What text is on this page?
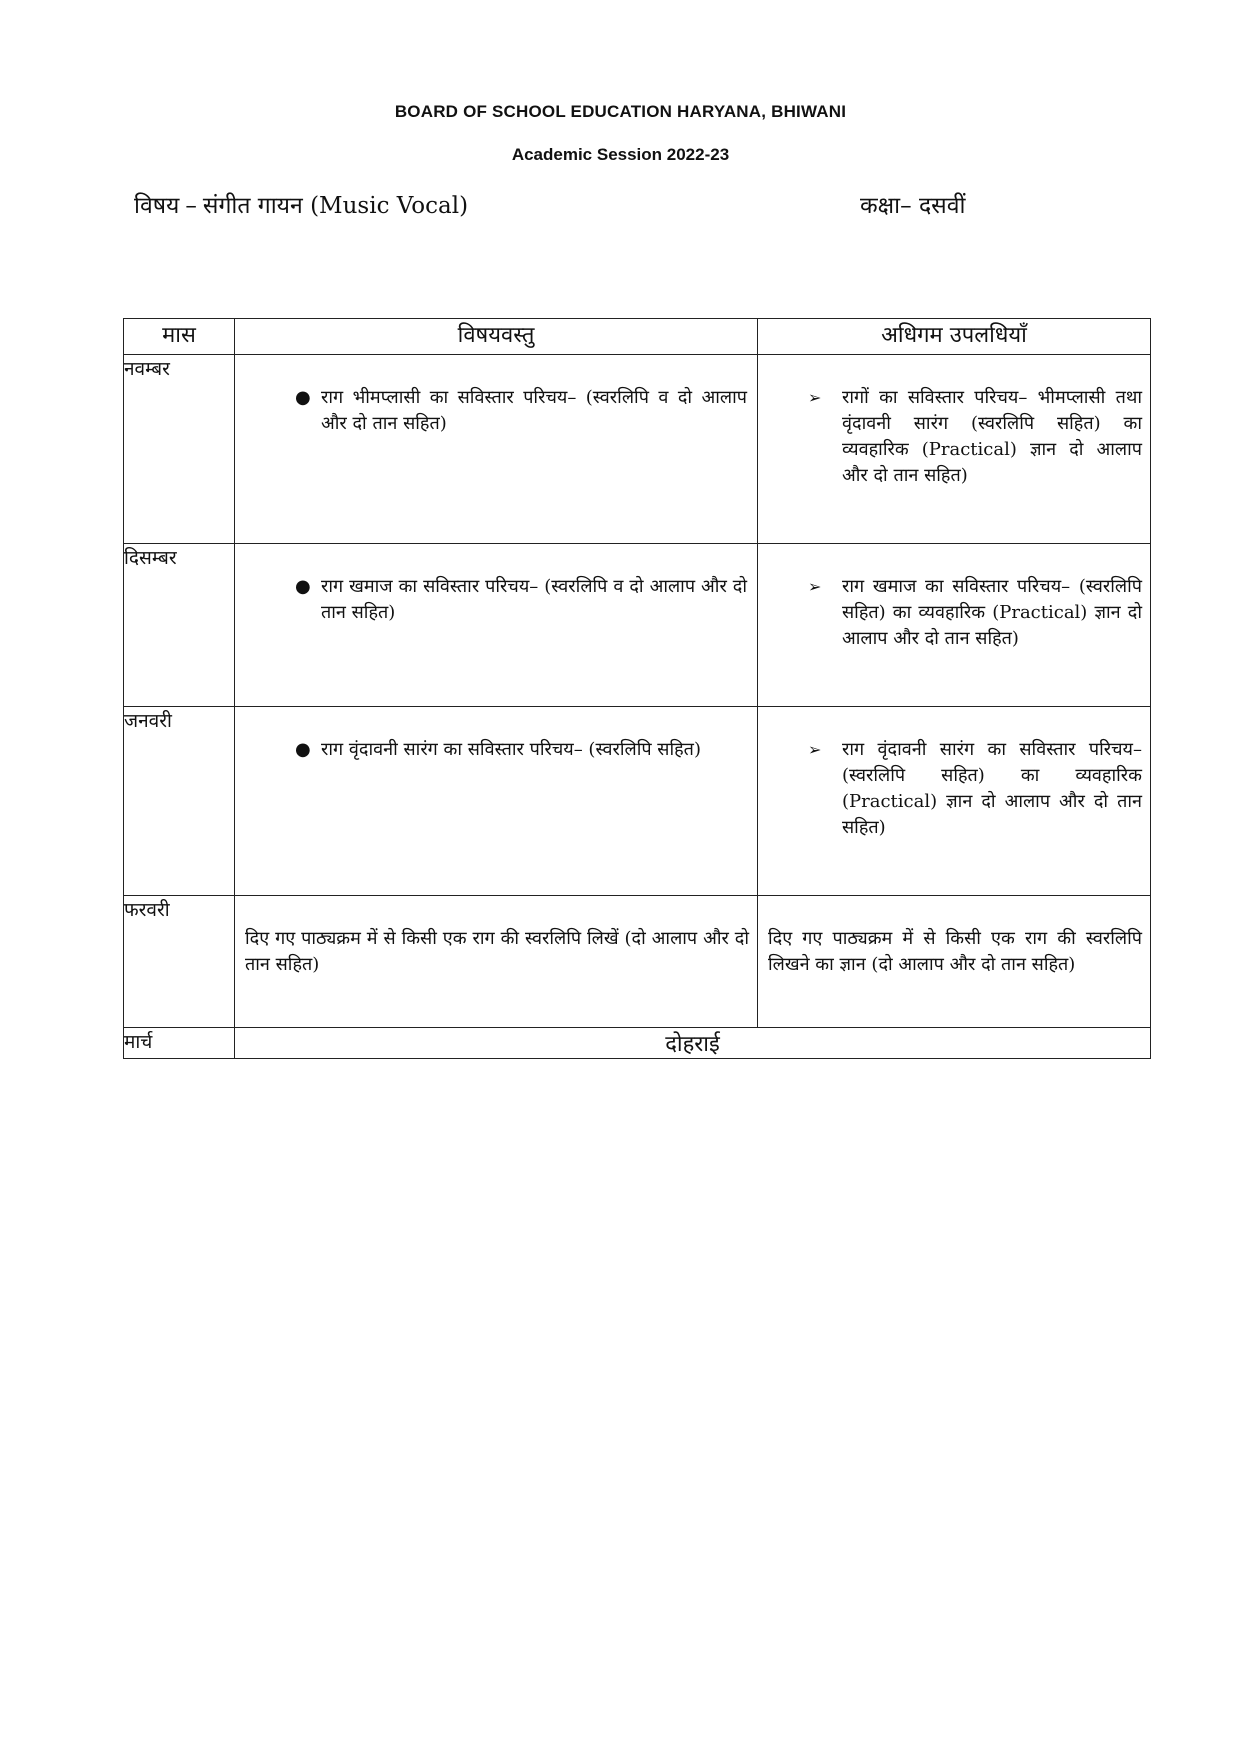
BOARD OF SCHOOL EDUCATION HARYANA, BHIWANI
Academic Session 2022-23
विषय – संगीत गायन (Music Vocal)	कक्षा– दसवीं
मास	विषयवस्तु	अधिगम उपलधियाँ
नवम्बर	● राग भीमप्लासी का सविस्तार परिचय– (स्वरलिपि व दो आलाप और दो तान सहित)	➢ रागों का सविस्तार परिचय– भीमप्लासी तथा वृंदावनी सारंग (स्वरलिपि सहित) का व्यवहारिक (Practical) ज्ञान दो आलाप और दो तान सहित)

दिसम्बर	● राग खमाज का सविस्तार परिचय– (स्वरलिपि व दो आलाप और दो तान सहित)	➢ राग खमाज का सविस्तार परिचय– (स्वरलिपि सहित) का व्यवहारिक (Practical) ज्ञान दो आलाप और दो तान सहित)

जनवरी	● राग वृंदावनी सारंग का सविस्तार परिचय– (स्वरलिपि सहित)	➢ राग वृंदावनी सारंग का सविस्तार परिचय– (स्वरलिपि सहित) का व्यवहारिक (Practical) ज्ञान दो आलाप और दो तान सहित)

फरवरी	दिए गए पाठ्यक्रम में से किसी एक राग की स्वरलिपि लिखें (दो आलाप और दो तान सहित)	दिए गए पाठ्यक्रम में से किसी एक राग की स्वरलिपि लिखने का ज्ञान (दो आलाप और दो तान सहित)

मार्च	दोहराई	
